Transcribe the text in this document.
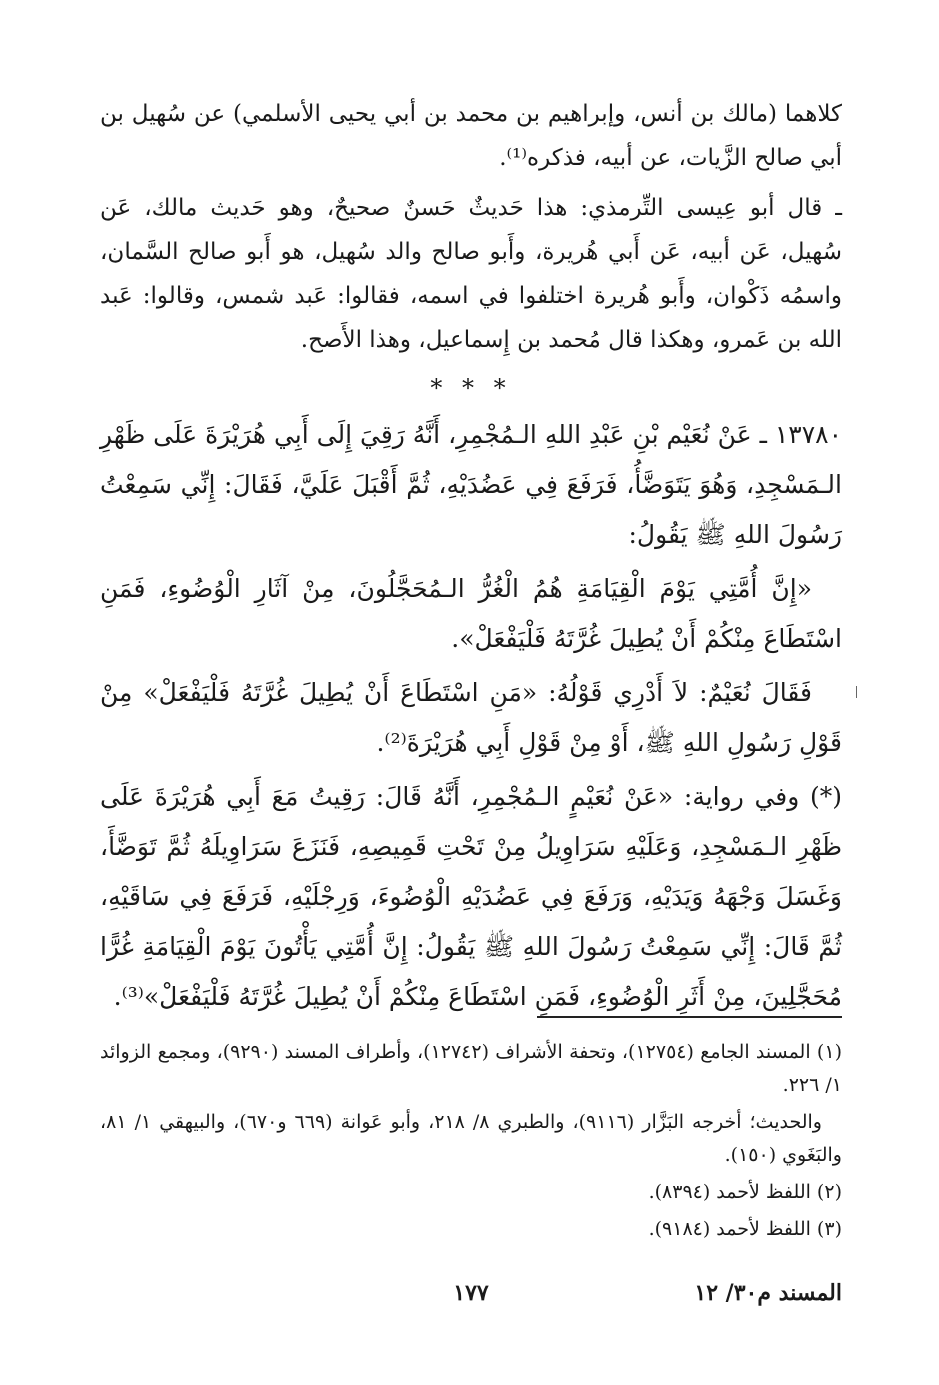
كلاهما (مالك بن أنس، وإبراهيم بن محمد بن أبي يحيى الأسلمي) عن سُهيل بن أبي صالح الزَّيات، عن أبيه، فذكره⁽¹⁾.

ـ قال أبو عِيسى التِّرمذي: هذا حَديثٌ حَسنٌ صحيحٌ، وهو حَديث مالك، عَن سُهيل، عَن أبيه، عَن أَبي هُريرة، وأَبو صالح والد سُهيل، هو أَبو صالح السَّمان، واسمُه ذَكْوان، وأَبو هُريرة اختلفوا في اسمه، فقالوا: عَبد شمس، وقالوا: عَبد الله بن عَمرو، وهكذا قال مُحمد بن إِسماعيل، وهذا الأَصح.

* * *

١٣٧٨٠ ـ عَنْ نُعَيْم بْنِ عَبْدِ اللهِ الـمُجْمِرِ، أَنَّهُ رَقِيَ إِلَى أَبِي هُرَيْرَةَ عَلَى ظَهْرِ الـمَسْجِدِ، وَهُوَ يَتَوَضَّأُ، فَرَفَعَ فِي عَضُدَيْهِ، ثُمَّ أَقْبَلَ عَلَيَّ، فَقَالَ: إِنِّي سَمِعْتُ رَسُولَ اللهِ ﷺ يَقُولُ:

«إِنَّ أُمَّتِي يَوْمَ الْقِيَامَةِ هُمُ الْغُرُّ الـمُحَجَّلُونَ، مِنْ آثَارِ الْوُضُوءِ، فَمَنِ اسْتَطَاعَ مِنْكُمْ أَنْ يُطِيلَ غُرَّتَهُ فَلْيَفْعَلْ».

فَقَالَ نُعَيْمٌ: لاَ أَدْرِي قَوْلُهُ: «مَنِ اسْتَطَاعَ أَنْ يُطِيلَ غُرَّتَهُ فَلْيَفْعَلْ» مِنْ قَوْلِ رَسُولِ اللهِ ﷺ، أَوْ مِنْ قَوْلِ أَبِي هُرَيْرَةَ⁽²⁾.

(*) وفي رواية: «عَنْ نُعَيْمٍ الـمُجْمِرِ، أَنَّهُ قَالَ: رَقِيتُ مَعَ أَبِي هُرَيْرَةَ عَلَى ظَهْرِ الـمَسْجِدِ، وَعَلَيْهِ سَرَاوِيلُ مِنْ تَحْتِ قَمِيصِهِ، فَنَزَعَ سَرَاوِيلَهُ ثُمَّ تَوَضَّأَ، وَغَسَلَ وَجْهَهُ وَيَدَيْهِ، وَرَفَعَ فِي عَضُدَيْهِ الْوُضُوءَ، وَرِجْلَيْهِ، فَرَفَعَ فِي سَاقَيْهِ، ثُمَّ قَالَ: إِنِّي سَمِعْتُ رَسُولَ اللهِ ﷺ يَقُولُ: إِنَّ أُمَّتِي يَأْتُونَ يَوْمَ الْقِيَامَةِ غُرًّا مُحَجَّلِينَ، مِنْ أَثَرِ الْوُضُوءِ، فَمَنِ اسْتَطَاعَ مِنْكُمْ أَنْ يُطِيلَ غُرَّتَهُ فَلْيَفْعَلْ»⁽³⁾.

(١) المسند الجامع (١٢٧٥٤)، وتحفة الأشراف (١٢٧٤٢)، وأطراف المسند (٩٢٩٠)، ومجمع الزوائد ١/ ٢٢٦.

والحديث؛ أخرجه البَزَّار (٩١١٦)، والطبري ٨/ ٢١٨، وأبو عَوانة (٦٦٩ و٦٧٠)، والبيهقي ١/ ٨١، والبَغَوي (١٥٠).

(٢) اللفظ لأحمد (٨٣٩٤).

(٣) اللفظ لأحمد (٩١٨٤).

المسند م٣٠/ ١٢
١٧٧
